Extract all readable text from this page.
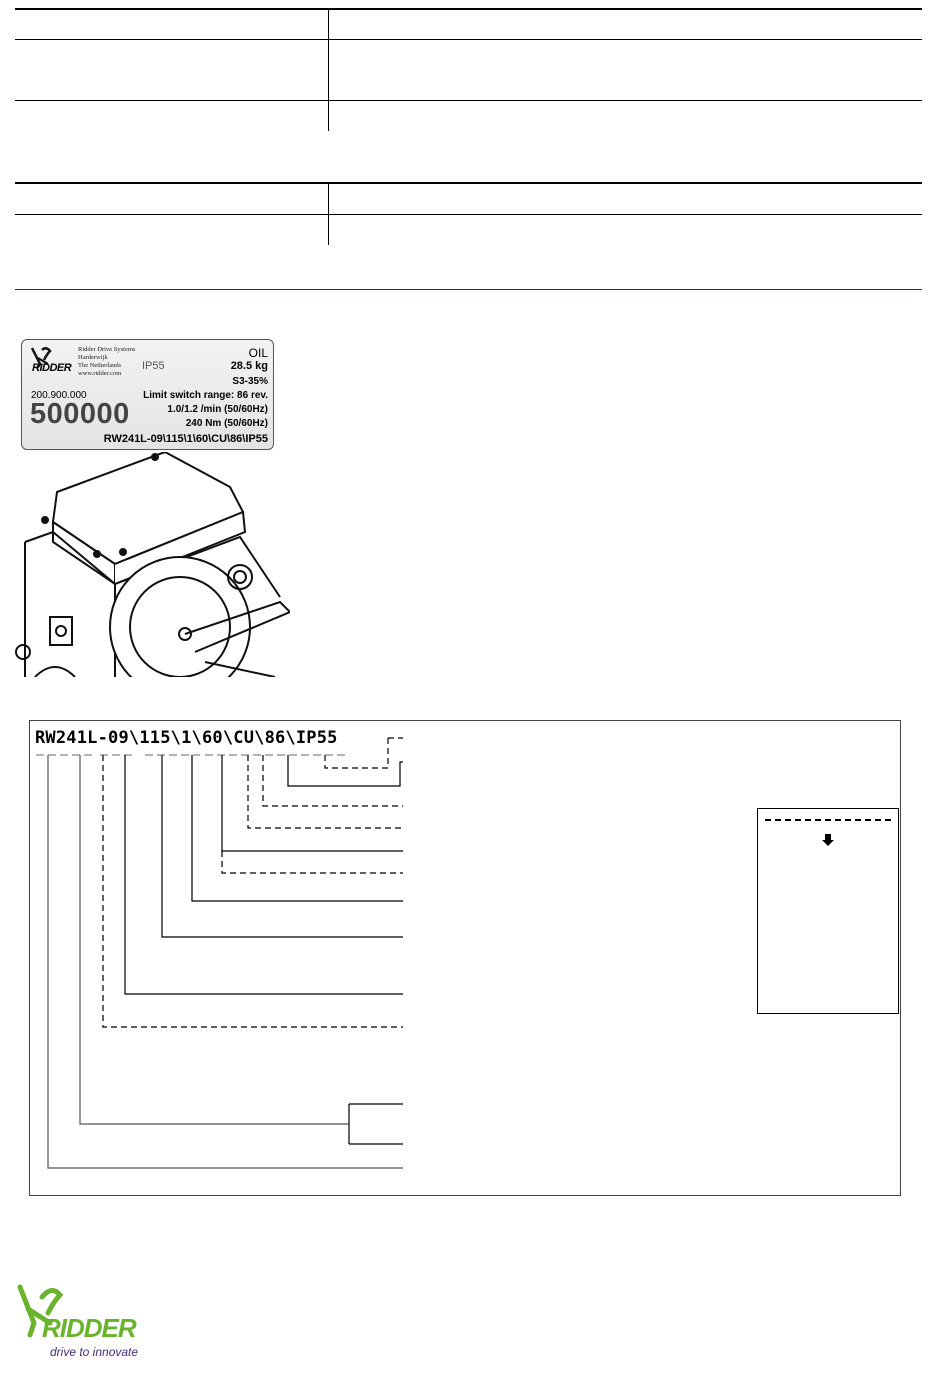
RIDDER
Ridder Drive Systems
Harderwijk
The Netherlands
www.ridder.com
IP55
OIL
28.5 kg
S3-35%
200.900.000	Limit switch range: 86 rev.
500000	1.0/1.2 /min (50/60Hz)
240 Nm (50/60Hz)
RW241L-09\115\1\60\CU\86\IP55
RW241L-09\115\1\60\CU\86\IP55
RIDDER
drive to innovate
